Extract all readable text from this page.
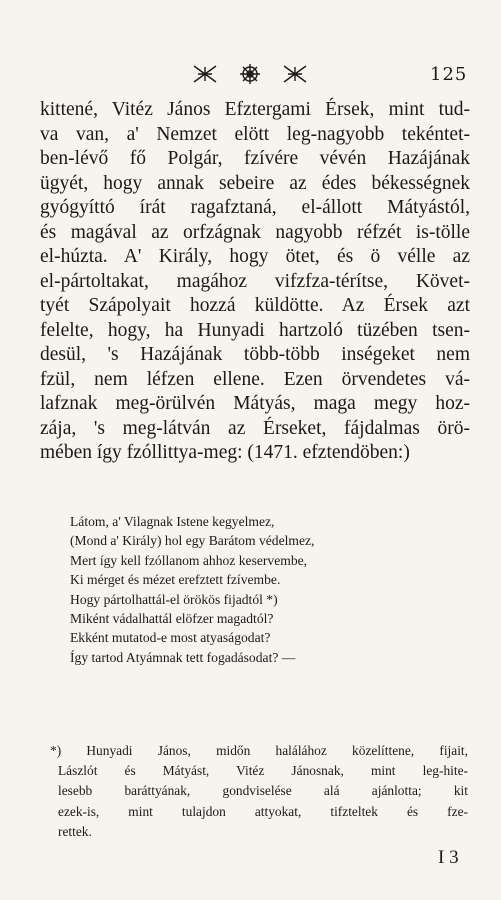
125
kittené, Vitéz János Efztergami Érsek, mint tud-
va van, a' Nemzet elött leg-nagyobb tekéntet-
ben-lévő fő Polgár, fzívére vévén Hazájának
ügyét, hogy annak sebeire az édes békességnek
gyógyíttó írát ragafztaná, el-állott Mátyástól,
és magával az orfzágnak nagyobb réfzét is-tölle
el-húzta. A' Király, hogy ötet, és ö vélle az
el-pártoltakat, magához vifzfza-térítse, Követ-
tyét Szápolyait hozzá küldötte. Az Érsek azt
felelte, hogy, ha Hunyadi hartzoló tüzében tsen-
desül, 's Hazájának több-több inségeket nem
fzül, nem léfzen ellene. Ezen örvendetes vá-
lafznak meg-örülvén Mátyás, maga megy hoz-
zája, 's meg-látván az Érseket, fájdalmas örö-
mében így fzóllittya-meg: (1471. efztendöben:)
Látom, a' Vilagnak Istene kegyelmez,
(Mond a' Király) hol egy Barátom védelmez,
Mert így kell fzóllanom ahhoz keservembe,
Ki mérget és mézet erefztett fzívembe.
Hogy pártolhattál-el örökös fijadtól *)
Miként vádalhattál elöfzer magadtól?
Ekként mutatod-e most atyaságodat?
Így tartod Atyámnak tett fogadásodat? —
*) Hunyadi János, midőn halálához közelíttene, fijait,
Lászlót és Mátyást, Vitéz Jánosnak, mint leg-hite-
lesebb baráttyának, gondviselése alá ajánlotta; kit
ezek-is, mint tulajdon attyokat, tifzteltek és fze-
rettek.
I 3
